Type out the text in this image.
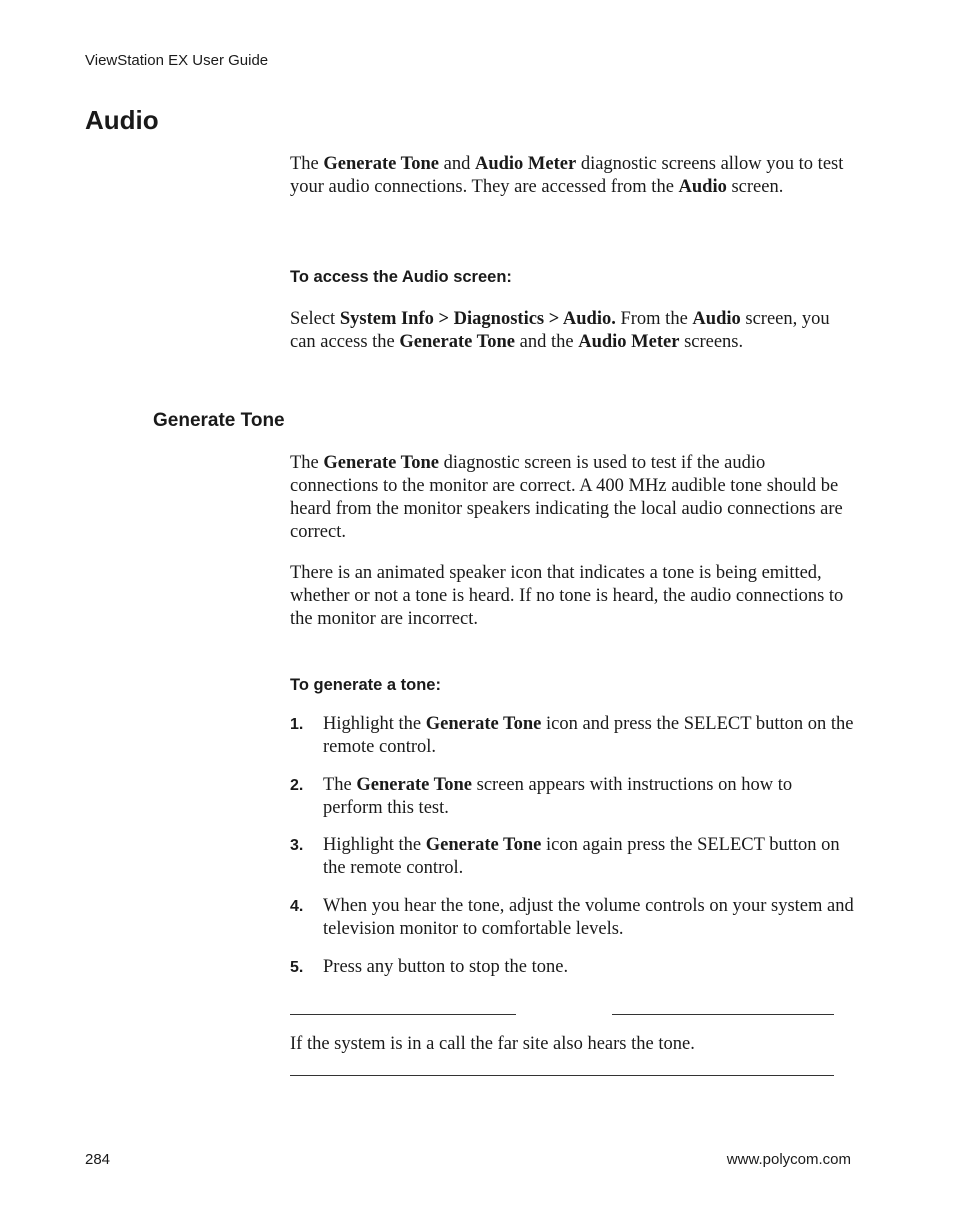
ViewStation EX User Guide
Audio

The Generate Tone and Audio Meter diagnostic screens allow you to test your audio connections. They are accessed from the Audio screen.

To access the Audio screen:

Select System Info > Diagnostics > Audio. From the Audio screen, you can access the Generate Tone and the Audio Meter screens.

Generate Tone

The Generate Tone diagnostic screen is used to test if the audio connections to the monitor are correct. A 400 MHz audible tone should be heard from the monitor speakers indicating the local audio connections are correct.

There is an animated speaker icon that indicates a tone is being emitted, whether or not a tone is heard. If no tone is heard, the audio connections to the monitor are incorrect.

To generate a tone:
1. Highlight the Generate Tone icon and press the SELECT button on the remote control.
2. The Generate Tone screen appears with instructions on how to perform this test.
3. Highlight the Generate Tone icon again press the SELECT button on the remote control.
4. When you hear the tone, adjust the volume controls on your system and television monitor to comfortable levels.
5. Press any button to stop the tone.

If the system is in a call the far site also hears the tone.

284	www.polycom.com
